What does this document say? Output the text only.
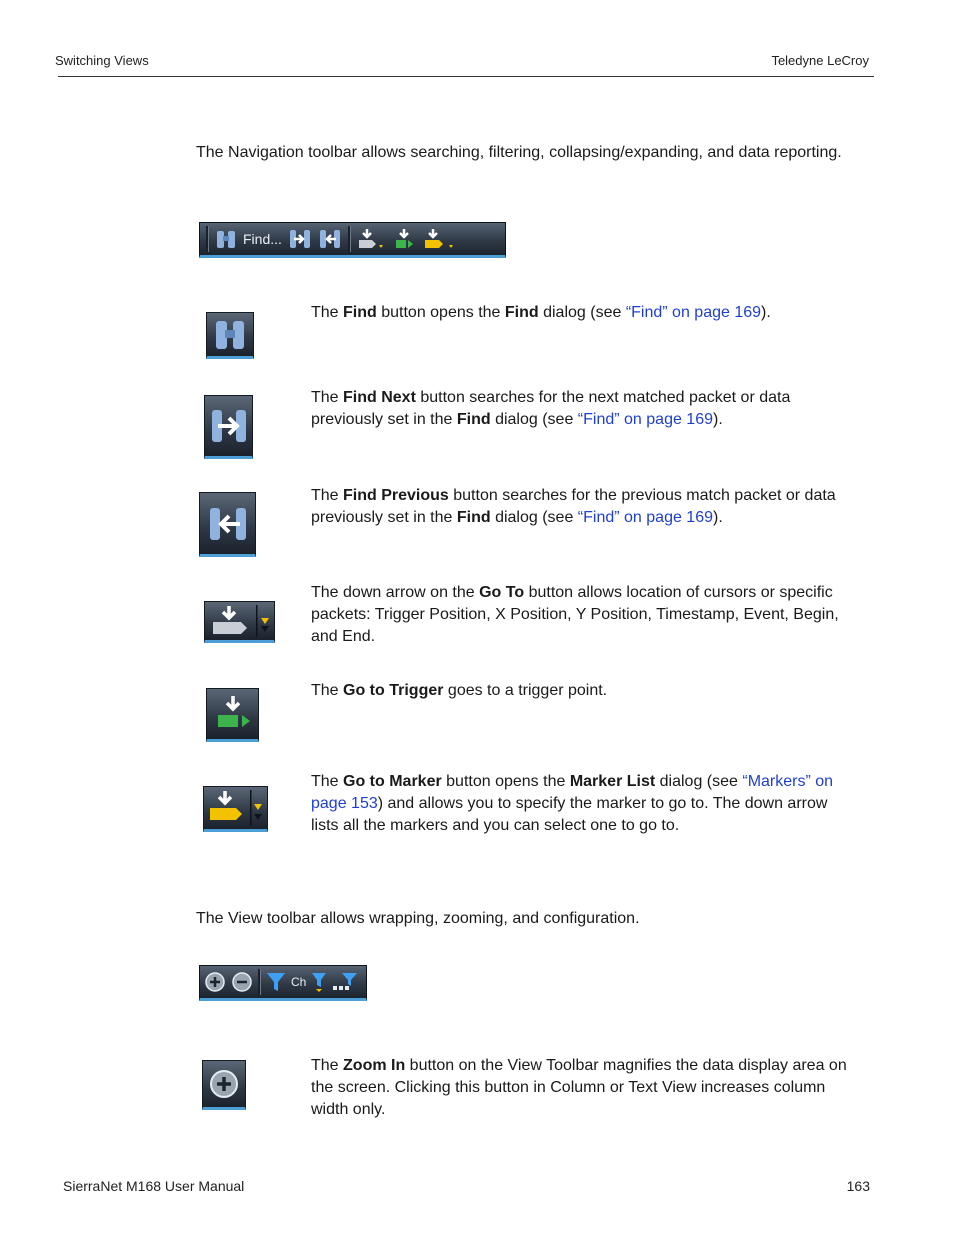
Switching Views	Teledyne LeCroy
The Navigation toolbar allows searching, filtering, collapsing/expanding, and data reporting.
Find...
The Find button opens the Find dialog (see “Find” on page 169).
The Find Next button searches for the next matched packet or data previously set in the Find dialog (see “Find” on page 169).
The Find Previous button searches for the previous match packet or data previously set in the Find dialog (see “Find” on page 169).
The down arrow on the Go To button allows location of cursors or specific packets: Trigger Position, X Position, Y Position, Timestamp, Event, Begin, and End.
The Go to Trigger goes to a trigger point.
The Go to Marker button opens the Marker List dialog (see “Markers” on page 153) and allows you to specify the marker to go to. The down arrow lists all the markers and you can select one to go to.
The View toolbar allows wrapping, zooming, and configuration.
Ch
The Zoom In button on the View Toolbar magnifies the data display area on the screen. Clicking this button in Column or Text View increases column width only.
SierraNet M168 User Manual	163
